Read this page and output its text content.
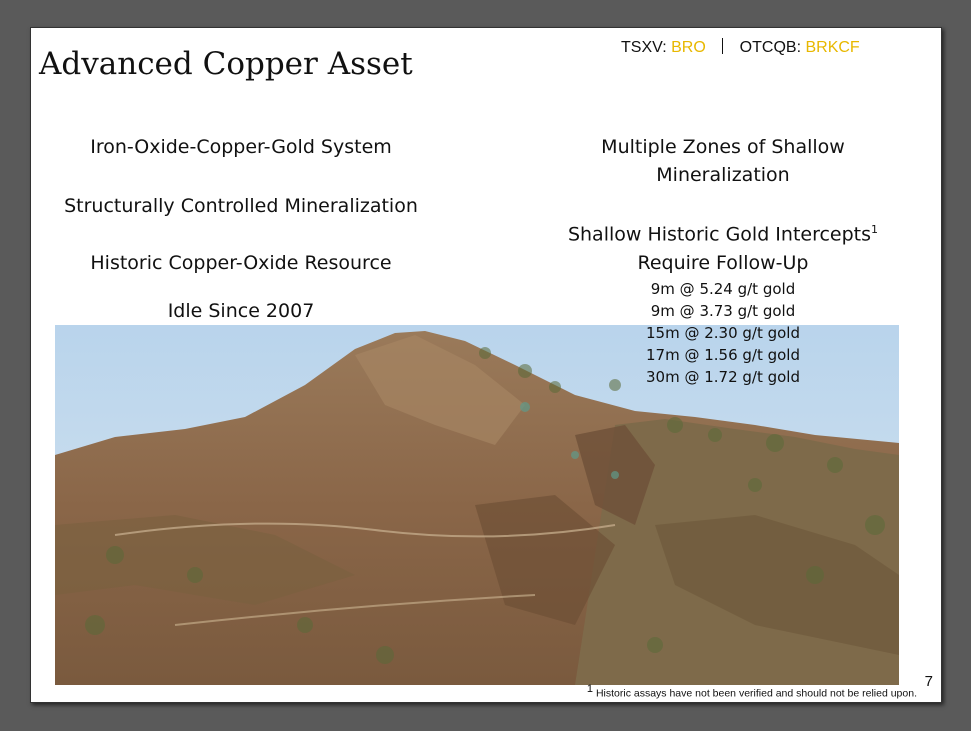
Advanced Copper Asset	TSXV: BRO OTCQB: BRKCF
Iron-Oxide-Copper-Gold System
Structurally Controlled Mineralization
Historic Copper-Oxide Resource
Idle Since 2007
Multiple Zones of Shallow
Mineralization
Shallow Historic Gold Intercepts$^1$
Require Follow-Up
9m @ 5.24 g/t gold
9m @ 3.73 g/t gold
15m @ 2.30 g/t gold
17m @ 1.56 g/t gold
30m @ 1.72 g/t gold
7
$^1$ Historic assays have not been verified and should not be relied upon.
